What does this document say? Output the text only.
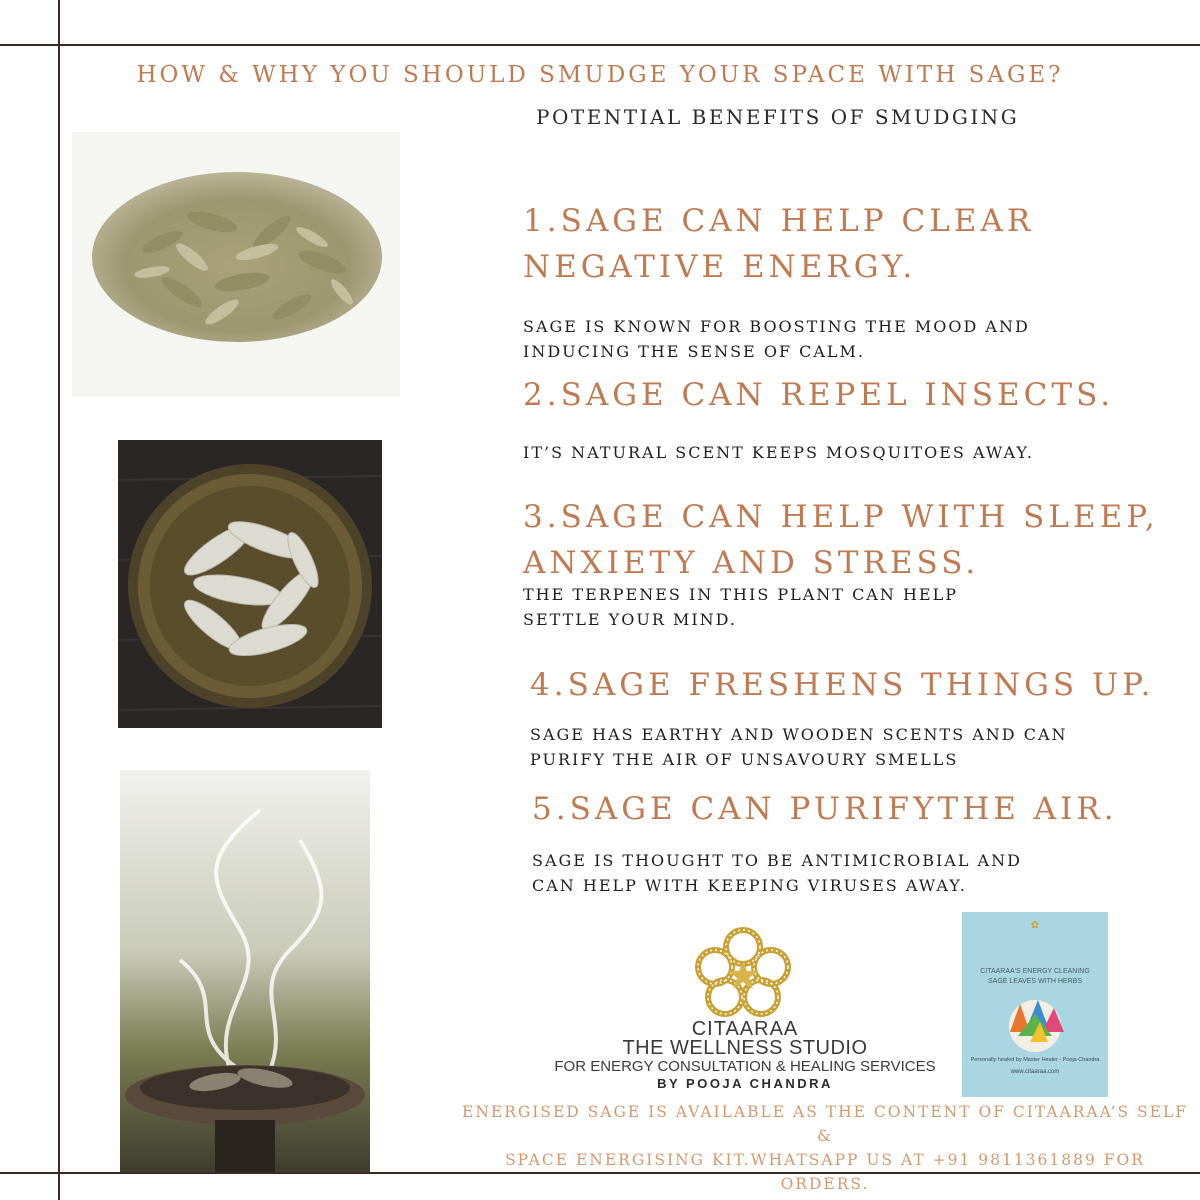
HOW & WHY YOU SHOULD SMUDGE YOUR SPACE WITH SAGE?
POTENTIAL BENEFITS OF SMUDGING
1.SAGE CAN HELP CLEAR
NEGATIVE ENERGY.
SAGE IS KNOWN FOR BOOSTING THE MOOD AND
INDUCING THE SENSE OF CALM.
2.SAGE CAN REPEL INSECTS.
IT’S NATURAL SCENT KEEPS MOSQUITOES AWAY.
3.SAGE CAN HELP WITH SLEEP,
ANXIETY AND STRESS.
THE TERPENES IN THIS PLANT CAN HELP
SETTLE YOUR MIND.
4.SAGE FRESHENS THINGS UP.
SAGE HAS EARTHY AND WOODEN SCENTS AND CAN
PURIFY THE AIR OF UNSAVOURY SMELLS
5.SAGE CAN PURIFYTHE AIR.
SAGE IS THOUGHT TO BE ANTIMICROBIAL AND
CAN HELP WITH KEEPING VIRUSES AWAY.
CITAARAA
THE WELLNESS STUDIO
FOR ENERGY CONSULTATION & HEALING SERVICES
BY POOJA CHANDRA
✿
CITAARAA'S ENERGY CLEANING
SAGE LEAVES WITH HERBS
Personally healed by Master Healer - Pooja Chandra
www.citaaraa.com
ENERGISED SAGE IS AVAILABLE AS THE CONTENT OF CITAARAA’S SELF &
SPACE ENERGISING KIT.WHATSAPP US AT +91 9811361889 FOR ORDERS.
